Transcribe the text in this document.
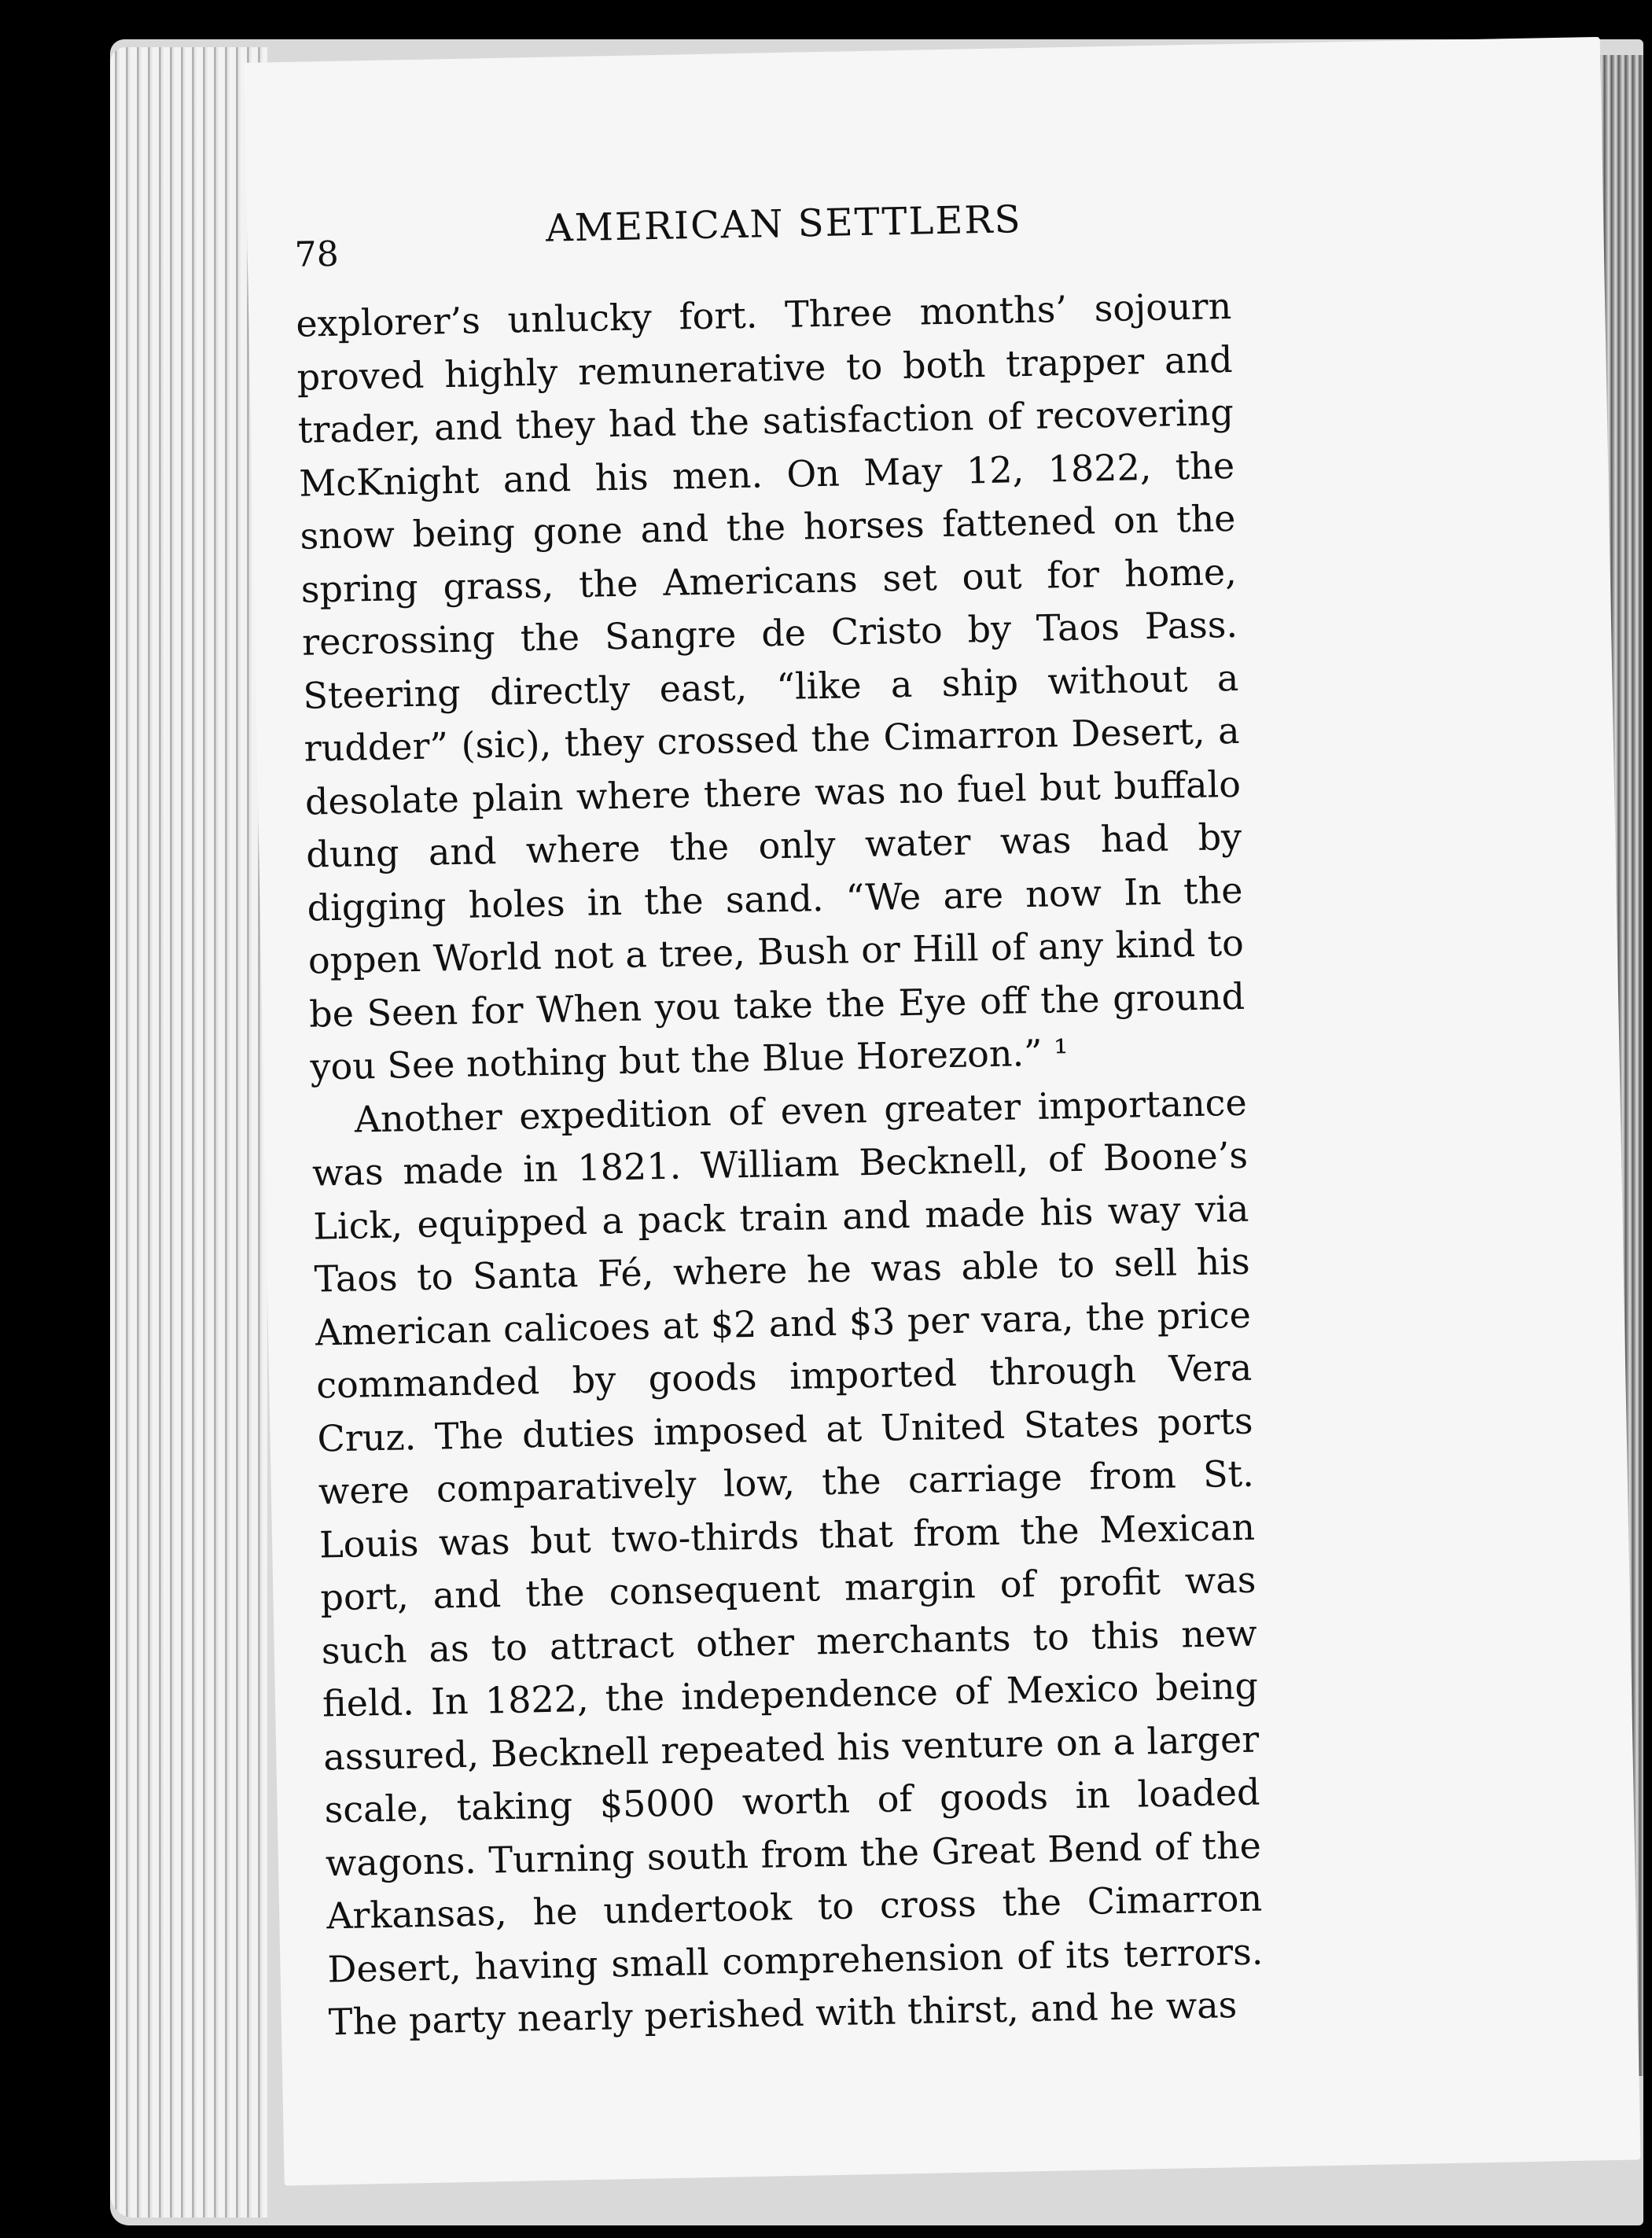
78
AMERICAN SETTLERS

explorer’s unlucky fort. Three months’ sojourn proved highly remunerative to both trapper and trader, and they had the satisfaction of recovering McKnight and his men. On May 12, 1822, the snow being gone and the horses fattened on the spring grass, the Americans set out for home, recrossing the Sangre de Cristo by Taos Pass. Steering directly east, “like a ship without a rudder” (sic), they crossed the Cimarron Desert, a desolate plain where there was no fuel but buffalo dung and where the only water was had by digging holes in the sand. “We are now In the oppen World not a tree, Bush or Hill of any kind to be Seen for When you take the Eye off the ground you See nothing but the Blue Horezon.” ¹

Another expedition of even greater importance was made in 1821. William Becknell, of Boone’s Lick, equipped a pack train and made his way via Taos to Santa Fé, where he was able to sell his American calicoes at $2 and $3 per vara, the price commanded by goods imported through Vera Cruz. The duties imposed at United States ports were comparatively low, the carriage from St. Louis was but two-thirds that from the Mexican port, and the consequent margin of profit was such as to attract other merchants to this new field. In 1822, the independence of Mexico being assured, Becknell repeated his venture on a larger scale, taking $5000 worth of goods in loaded wagons. Turning south from the Great Bend of the Arkansas, he undertook to cross the Cimarron Desert, having small comprehension of its terrors. The party nearly perished with thirst, and he was
